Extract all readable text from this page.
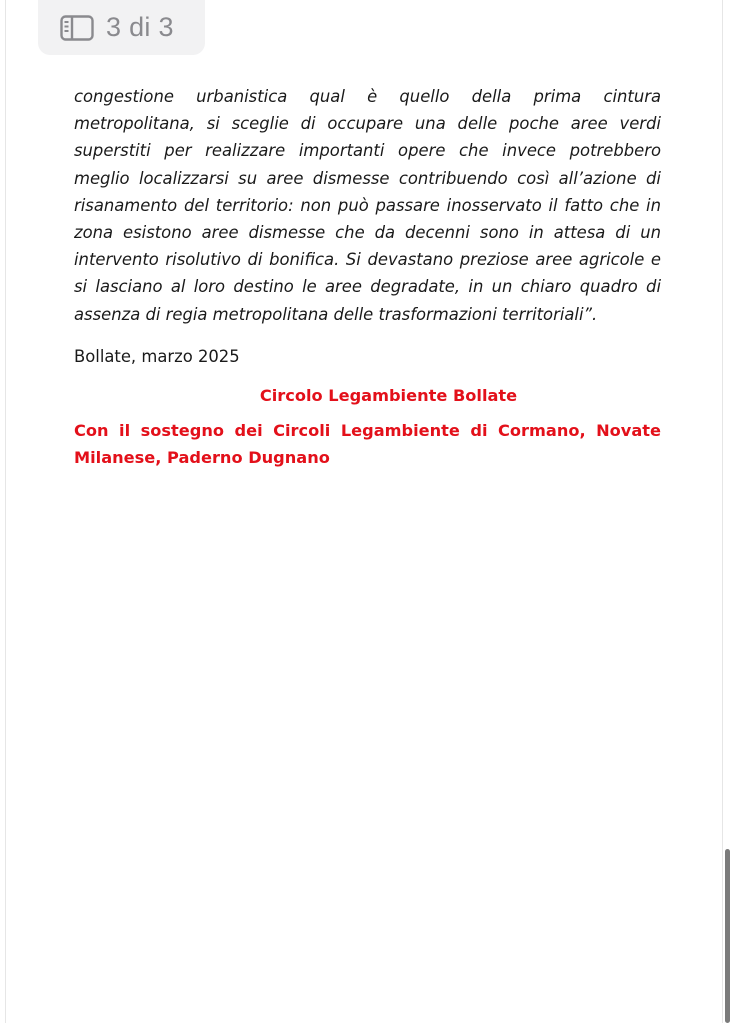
3 di 3

congestione urbanistica qual è quello della prima cintura metropolitana, si sceglie di occupare una delle poche aree verdi superstiti per realizzare importanti opere che invece potrebbero meglio localizzarsi su aree dismesse contribuendo così all’azione di risanamento del territorio: non può passare inosservato il fatto che in zona esistono aree dismesse che da decenni sono in attesa di un intervento risolutivo di bonifica. Si devastano preziose aree agricole e si lasciano al loro destino le aree degradate, in un chiaro quadro di assenza di regia metropolitana delle trasformazioni territoriali”.

Bollate, marzo 2025
Circolo Legambiente Bollate
Con il sostegno dei Circoli Legambiente di Cormano, Novate Milanese, Paderno Dugnano
